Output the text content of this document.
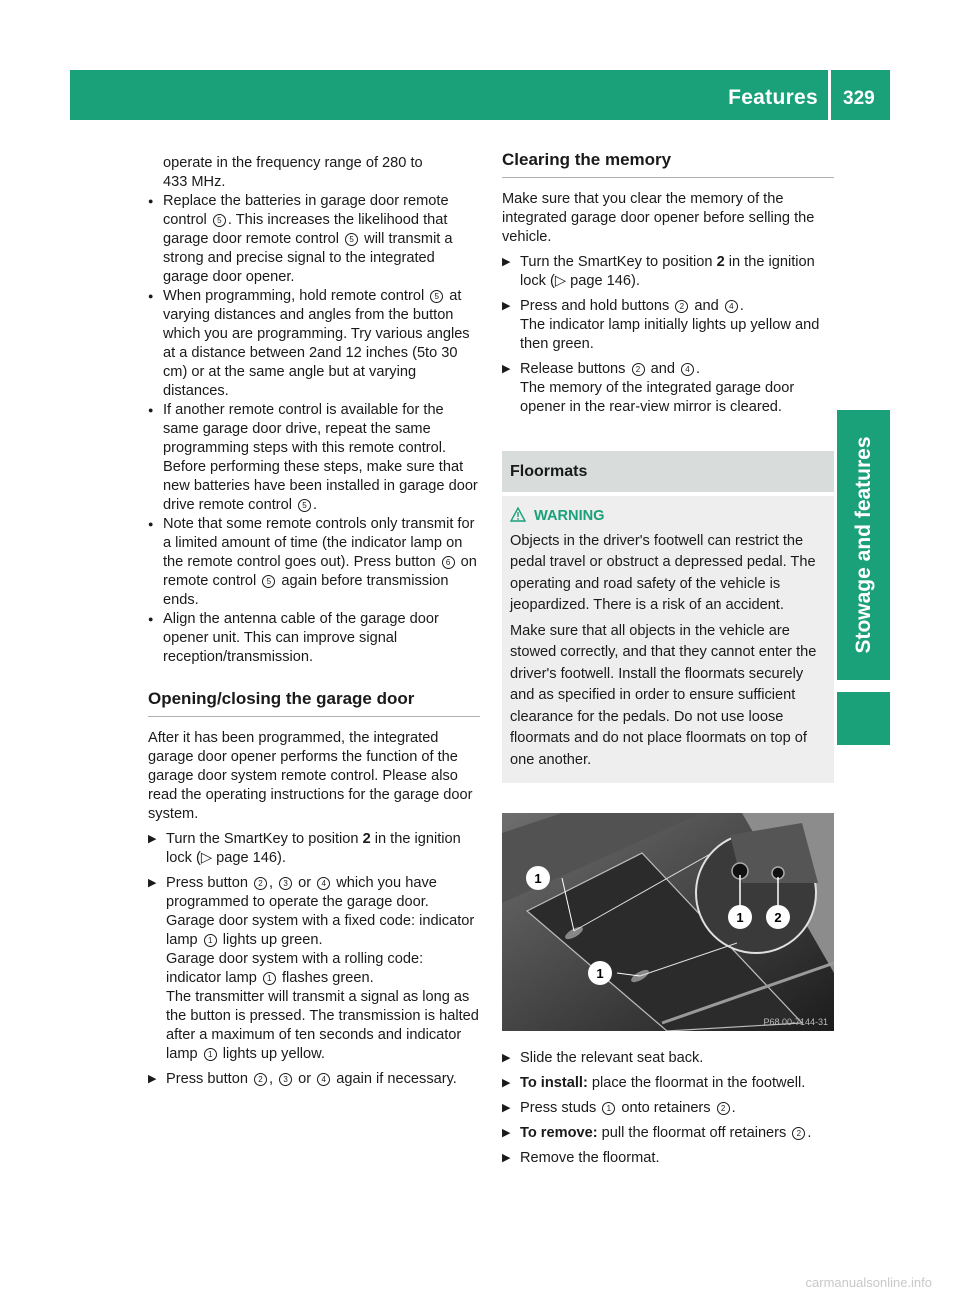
Features 329
Stowage and features

operate in the frequency range of 280 to
433 MHz.

● Replace the batteries in garage door remote control 5 . This increases the likelihood that garage door remote control 5 will transmit a strong and precise signal to the integrated garage door opener.

● When programming, hold remote control 5 at varying distances and angles from the button which you are programming. Try various angles at a distance between 2and 12 inches (5to 30 cm) or at the same angle but at varying distances.

● If another remote control is available for the same garage door drive, repeat the same programming steps with this remote control. Before performing these steps, make sure that new batteries have been installed in garage door drive remote control 5 .

● Note that some remote controls only transmit for a limited amount of time (the indicator lamp on the remote control goes out). Press button 6 on remote control 5 again before transmission ends.

● Align the antenna cable of the garage door opener unit. This can improve signal reception/transmission.

Opening/closing the garage door

After it has been programmed, the integrated garage door opener performs the function of the garage door system remote control. Please also read the operating instructions for the garage door system.

▶ Turn the SmartKey to position 2 in the ignition lock (▷ page 146).

▶ Press button 2 , 3 or 4 which you have programmed to operate the garage door.

Garage door system with a fixed code: indicator lamp 1 lights up green.

Garage door system with a rolling code: indicator lamp 1 flashes green.

The transmitter will transmit a signal as long as the button is pressed. The transmission is halted after a maximum of ten seconds and indicator lamp 1 lights up yellow.

▶ Press button 2 , 3 or 4 again if necessary.

Clearing the memory

Make sure that you clear the memory of the integrated garage door opener before selling the vehicle.

▶ Turn the SmartKey to position 2 in the ignition lock (▷ page 146).

▶ Press and hold buttons 2 and 4 .

The indicator lamp initially lights up yellow and then green.

▶ Release buttons 2 and 4 .

The memory of the integrated garage door opener in the rear-view mirror is cleared.

Floormats
WARNING

Objects in the driver's footwell can restrict the pedal travel or obstruct a depressed pedal. The operating and road safety of the vehicle is jeopardized. There is a risk of an accident.

Make sure that all objects in the vehicle are stowed correctly, and that they cannot enter the driver's footwell. Install the floormats securely and as specified in order to ensure sufficient clearance for the pedals. Do not use loose floormats and do not place floormats on top of one another.

1
1
1 2
P68.00-7144-31

▶ Slide the relevant seat back.

▶ To install: place the floormat in the footwell.

▶ Press studs 1 onto retainers 2 .

▶ To remove: pull the floormat off retainers 2 .

▶ Remove the floormat.

carmanualsonline.info
